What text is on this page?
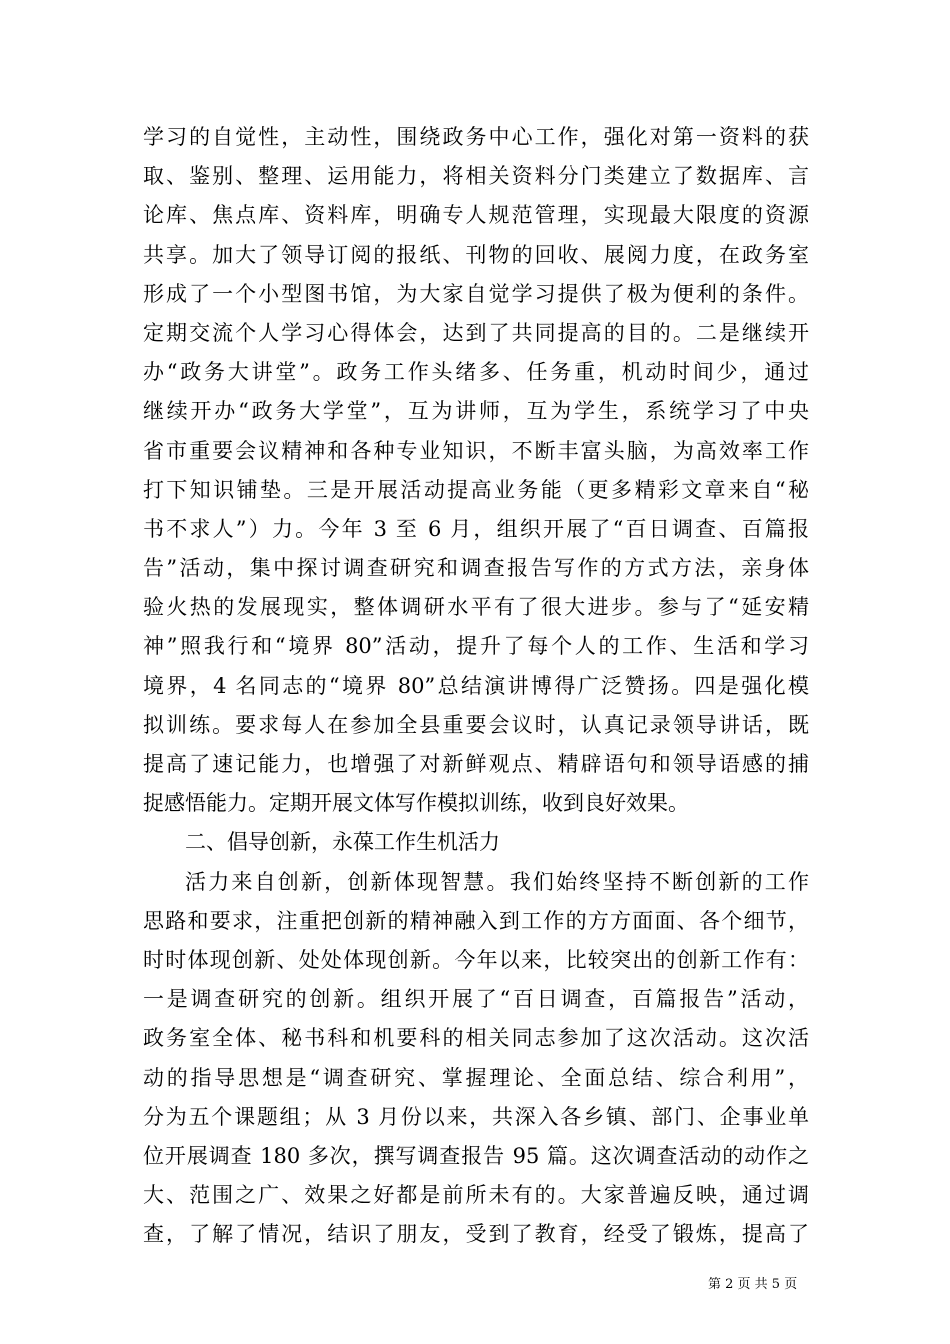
学习的自觉性，主动性，围绕政务中心工作，强化对第一资料的获
取、鉴别、整理、运用能力，将相关资料分门类建立了数据库、言
论库、焦点库、资料库，明确专人规范管理，实现最大限度的资源
共享。加大了领导订阅的报纸、刊物的回收、展阅力度，在政务室
形成了一个小型图书馆，为大家自觉学习提供了极为便利的条件。
定期交流个人学习心得体会，达到了共同提高的目的。二是继续开
办“政务大讲堂”。政务工作头绪多、任务重，机动时间少，通过
继续开办“政务大学堂”，互为讲师，互为学生，系统学习了中央
省市重要会议精神和各种专业知识，不断丰富头脑，为高效率工作
打下知识铺垫。三是开展活动提高业务能（更多精彩文章来自“秘
书不求人”）力。今年 3 至 6 月，组织开展了“百日调查、百篇报
告”活动，集中探讨调查研究和调查报告写作的方式方法，亲身体
验火热的发展现实，整体调研水平有了很大进步。参与了“延安精
神”照我行和“境界 80”活动，提升了每个人的工作、生活和学习
境界，4 名同志的“境界 80”总结演讲博得广泛赞扬。四是强化模
拟训练。要求每人在参加全县重要会议时，认真记录领导讲话，既
提高了速记能力，也增强了对新鲜观点、精辟语句和领导语感的捕
捉感悟能力。定期开展文体写作模拟训练，收到良好效果。
二、倡导创新，永葆工作生机活力
活力来自创新，创新体现智慧。我们始终坚持不断创新的工作
思路和要求，注重把创新的精神融入到工作的方方面面、各个细节，
时时体现创新、处处体现创新。今年以来，比较突出的创新工作有：
一是调查研究的创新。组织开展了“百日调查，百篇报告”活动，
政务室全体、秘书科和机要科的相关同志参加了这次活动。这次活
动的指导思想是“调查研究、掌握理论、全面总结、综合利用”，
分为五个课题组；从 3 月份以来，共深入各乡镇、部门、企事业单
位开展调查 180 多次，撰写调查报告 95 篇。这次调查活动的动作之
大、范围之广、效果之好都是前所未有的。大家普遍反映，通过调
查，了解了情况，结识了朋友，受到了教育，经受了锻炼，提高了
第 2 页 共 5 页
